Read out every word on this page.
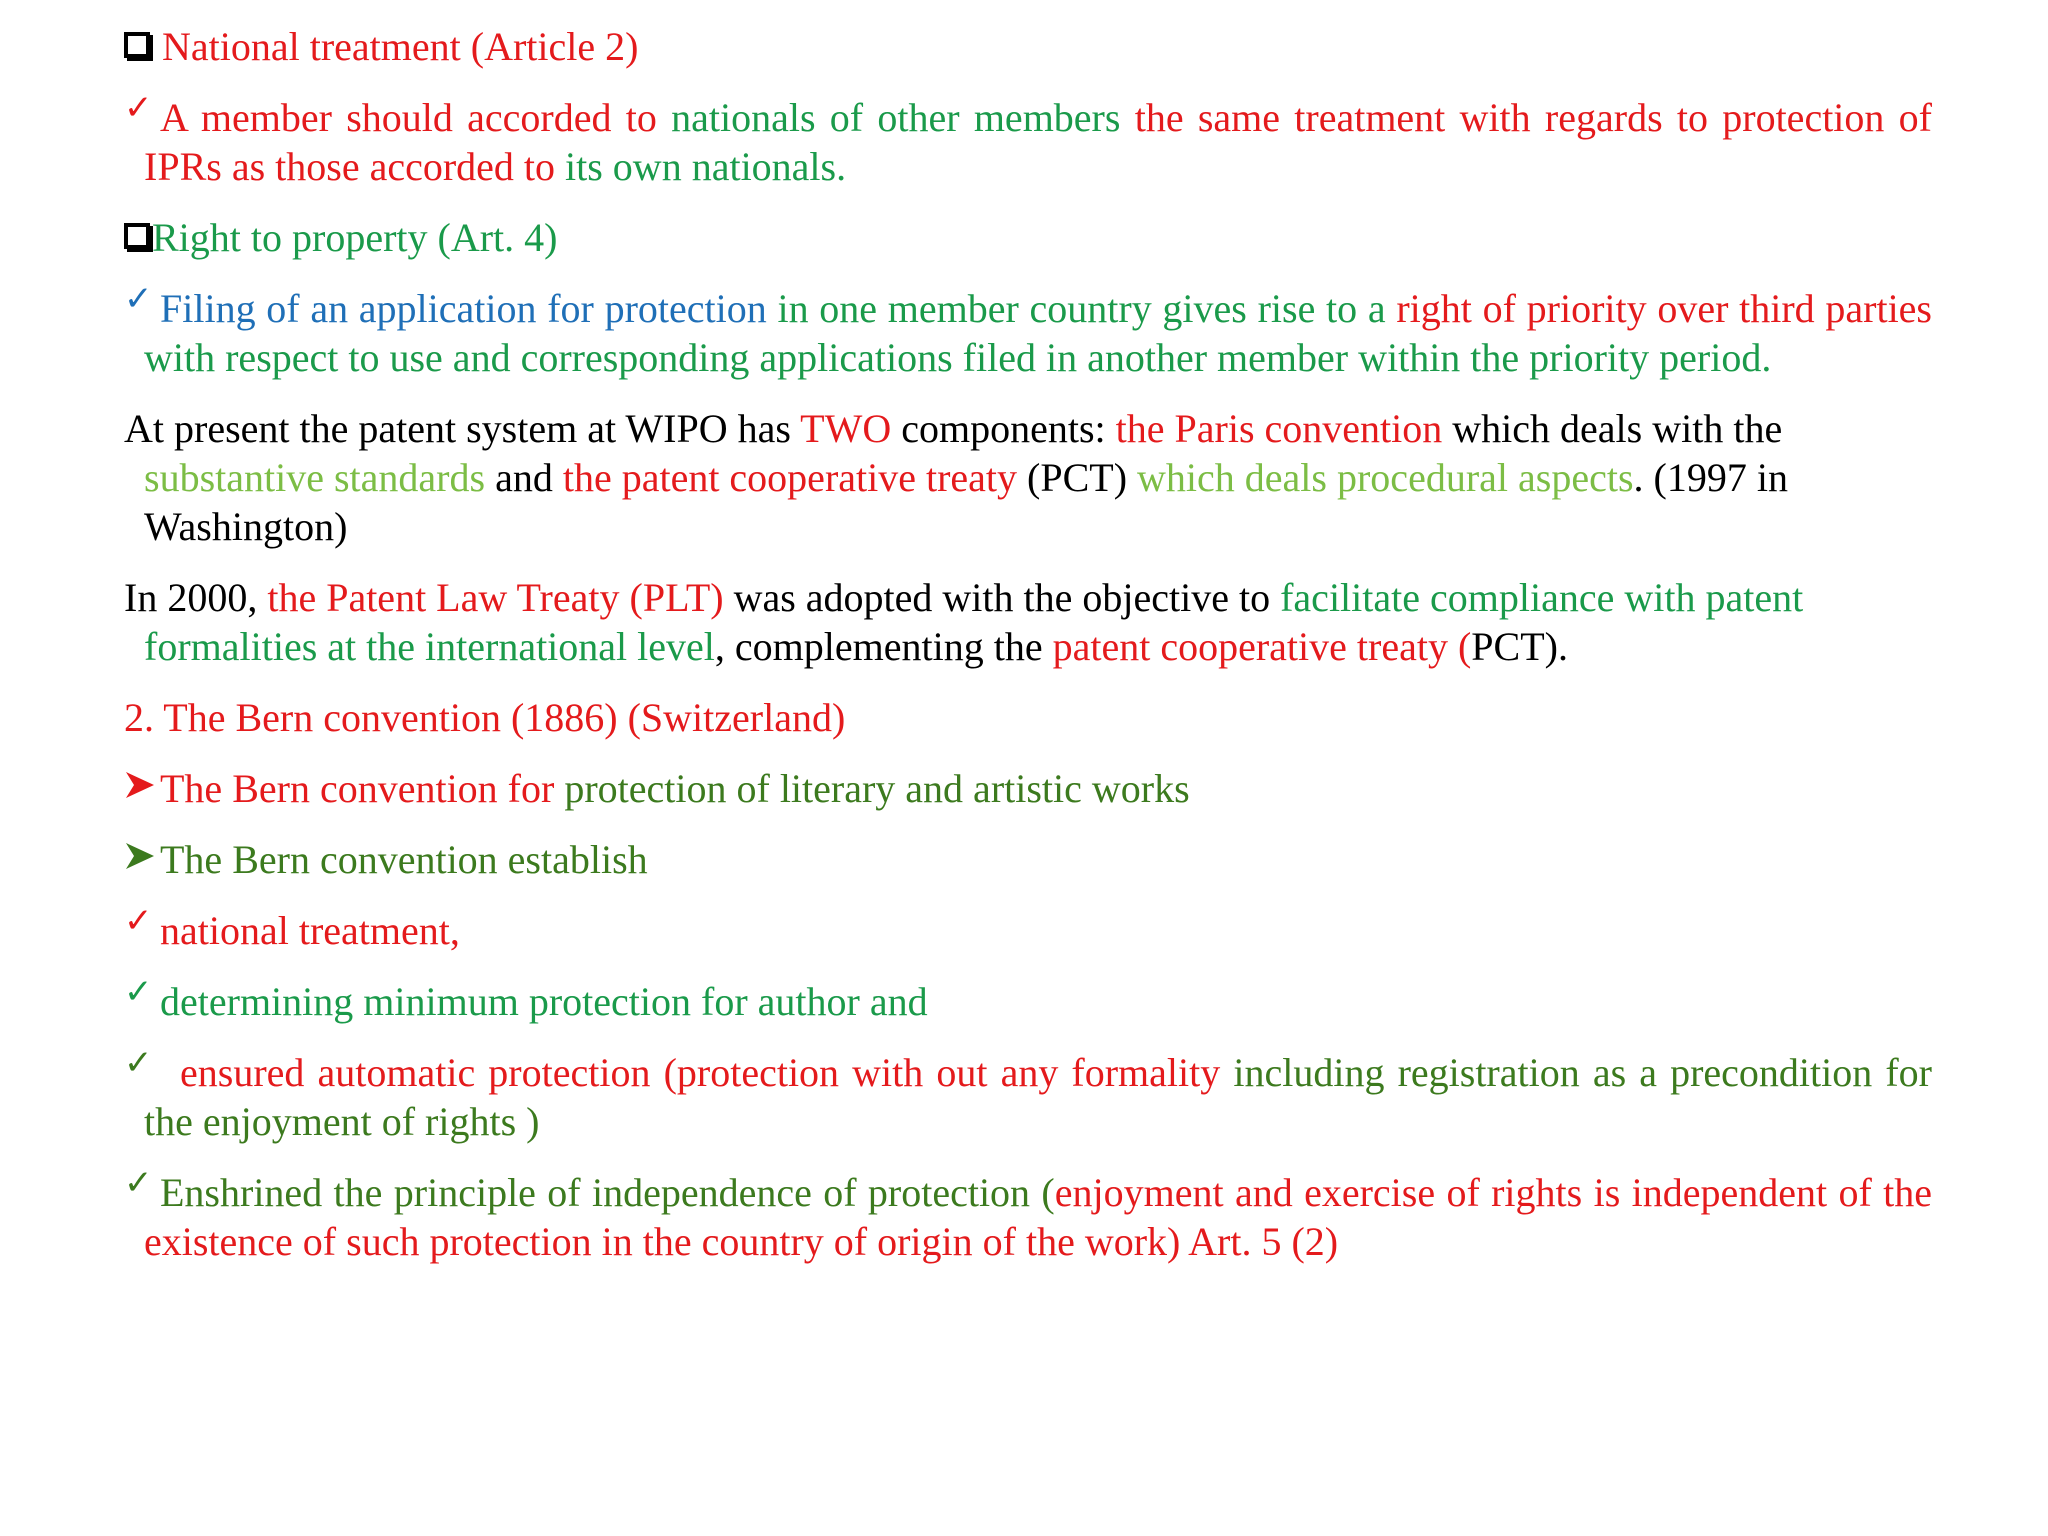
National treatment (Article 2)
✓ A member should accorded to nationals of other members the same treatment with regards to protection of IPRs as those accorded to its own nationals.
Right to property (Art. 4)
✓ Filing of an application for protection in one member country gives rise to a right of priority over third parties with respect to use and corresponding applications filed in another member within the priority period.
At present the patent system at WIPO has TWO components: the Paris convention which deals with the substantive standards and the patent cooperative treaty (PCT) which deals procedural aspects. (1997 in Washington)
In 2000, the Patent Law Treaty (PLT) was adopted with the objective to facilitate compliance with patent formalities at the international level, complementing the patent cooperative treaty (PCT).
2. The Bern convention (1886) (Switzerland)
The Bern convention for protection of literary and artistic works
The Bern convention establish
✓ national treatment,
✓ determining minimum protection for author and
✓ ensured automatic protection (protection with out any formality including registration as a precondition for the enjoyment of rights )
✓ Enshrined the principle of independence of protection (enjoyment and exercise of rights is independent of the existence of such protection in the country of origin of the work) Art. 5 (2)
